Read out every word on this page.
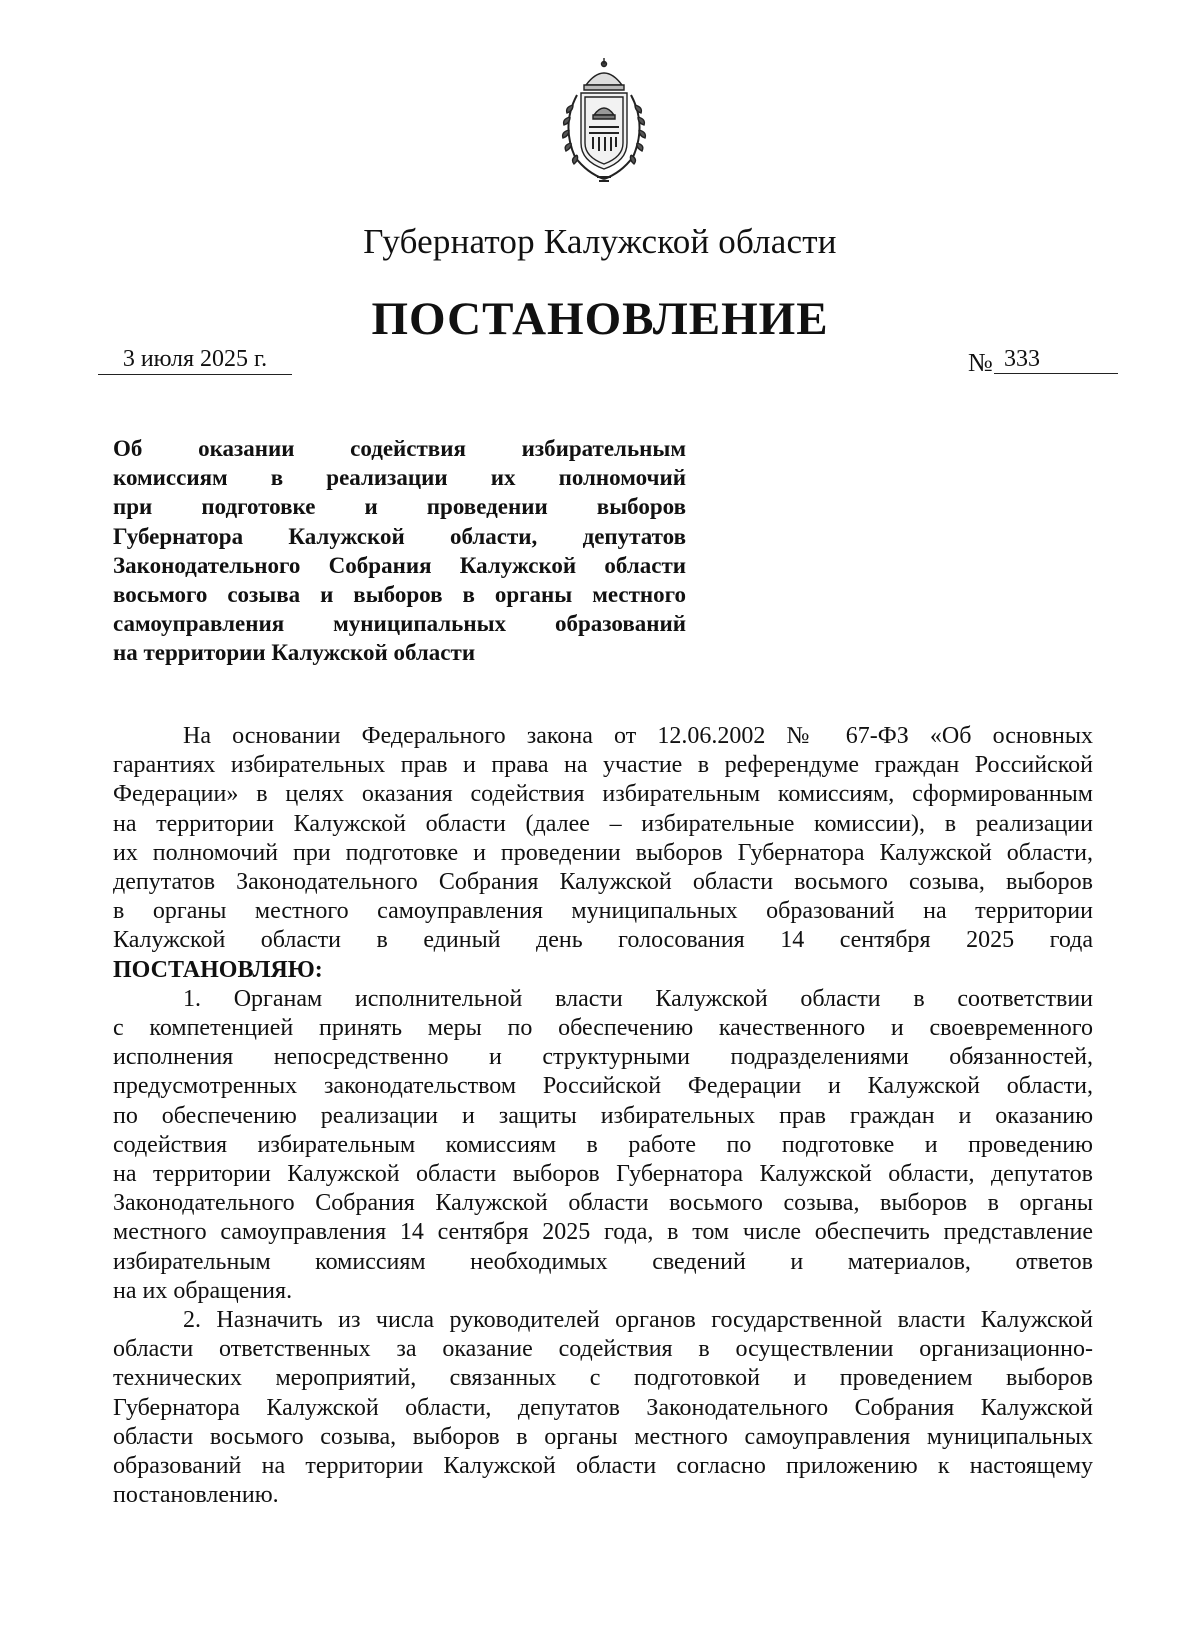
Губернатор Калужской области
ПОСТАНОВЛЕНИЕ
3 июля 2025 г.	№ 333
Об оказании содействия избирательным
комиссиям в реализации их полномочий
при подготовке и проведении выборов
Губернатора Калужской области, депутатов
Законодательного Собрания Калужской области
восьмого созыва и выборов в органы местного
самоуправления муниципальных образований
на территории Калужской области
На основании Федерального закона от 12.06.2002 № 67-ФЗ «Об основных
гарантиях избирательных прав и права на участие в референдуме граждан Российской
Федерации» в целях оказания содействия избирательным комиссиям, сформированным
на территории Калужской области (далее – избирательные комиссии), в реализации
их полномочий при подготовке и проведении выборов Губернатора Калужской области,
депутатов Законодательного Собрания Калужской области восьмого созыва, выборов
в органы местного самоуправления муниципальных образований на территории
Калужской области в единый день голосования 14 сентября 2025 года
ПОСТАНОВЛЯЮ:
1. Органам исполнительной власти Калужской области в соответствии
с компетенцией принять меры по обеспечению качественного и своевременного
исполнения непосредственно и структурными подразделениями обязанностей,
предусмотренных законодательством Российской Федерации и Калужской области,
по обеспечению реализации и защиты избирательных прав граждан и оказанию
содействия избирательным комиссиям в работе по подготовке и проведению
на территории Калужской области выборов Губернатора Калужской области, депутатов
Законодательного Собрания Калужской области восьмого созыва, выборов в органы
местного самоуправления 14 сентября 2025 года, в том числе обеспечить представление
избирательным комиссиям необходимых сведений и материалов, ответов
на их обращения.
2. Назначить из числа руководителей органов государственной власти Калужской
области ответственных за оказание содействия в осуществлении организационно-
технических мероприятий, связанных с подготовкой и проведением выборов
Губернатора Калужской области, депутатов Законодательного Собрания Калужской
области восьмого созыва, выборов в органы местного самоуправления муниципальных
образований на территории Калужской области согласно приложению к настоящему
постановлению.
